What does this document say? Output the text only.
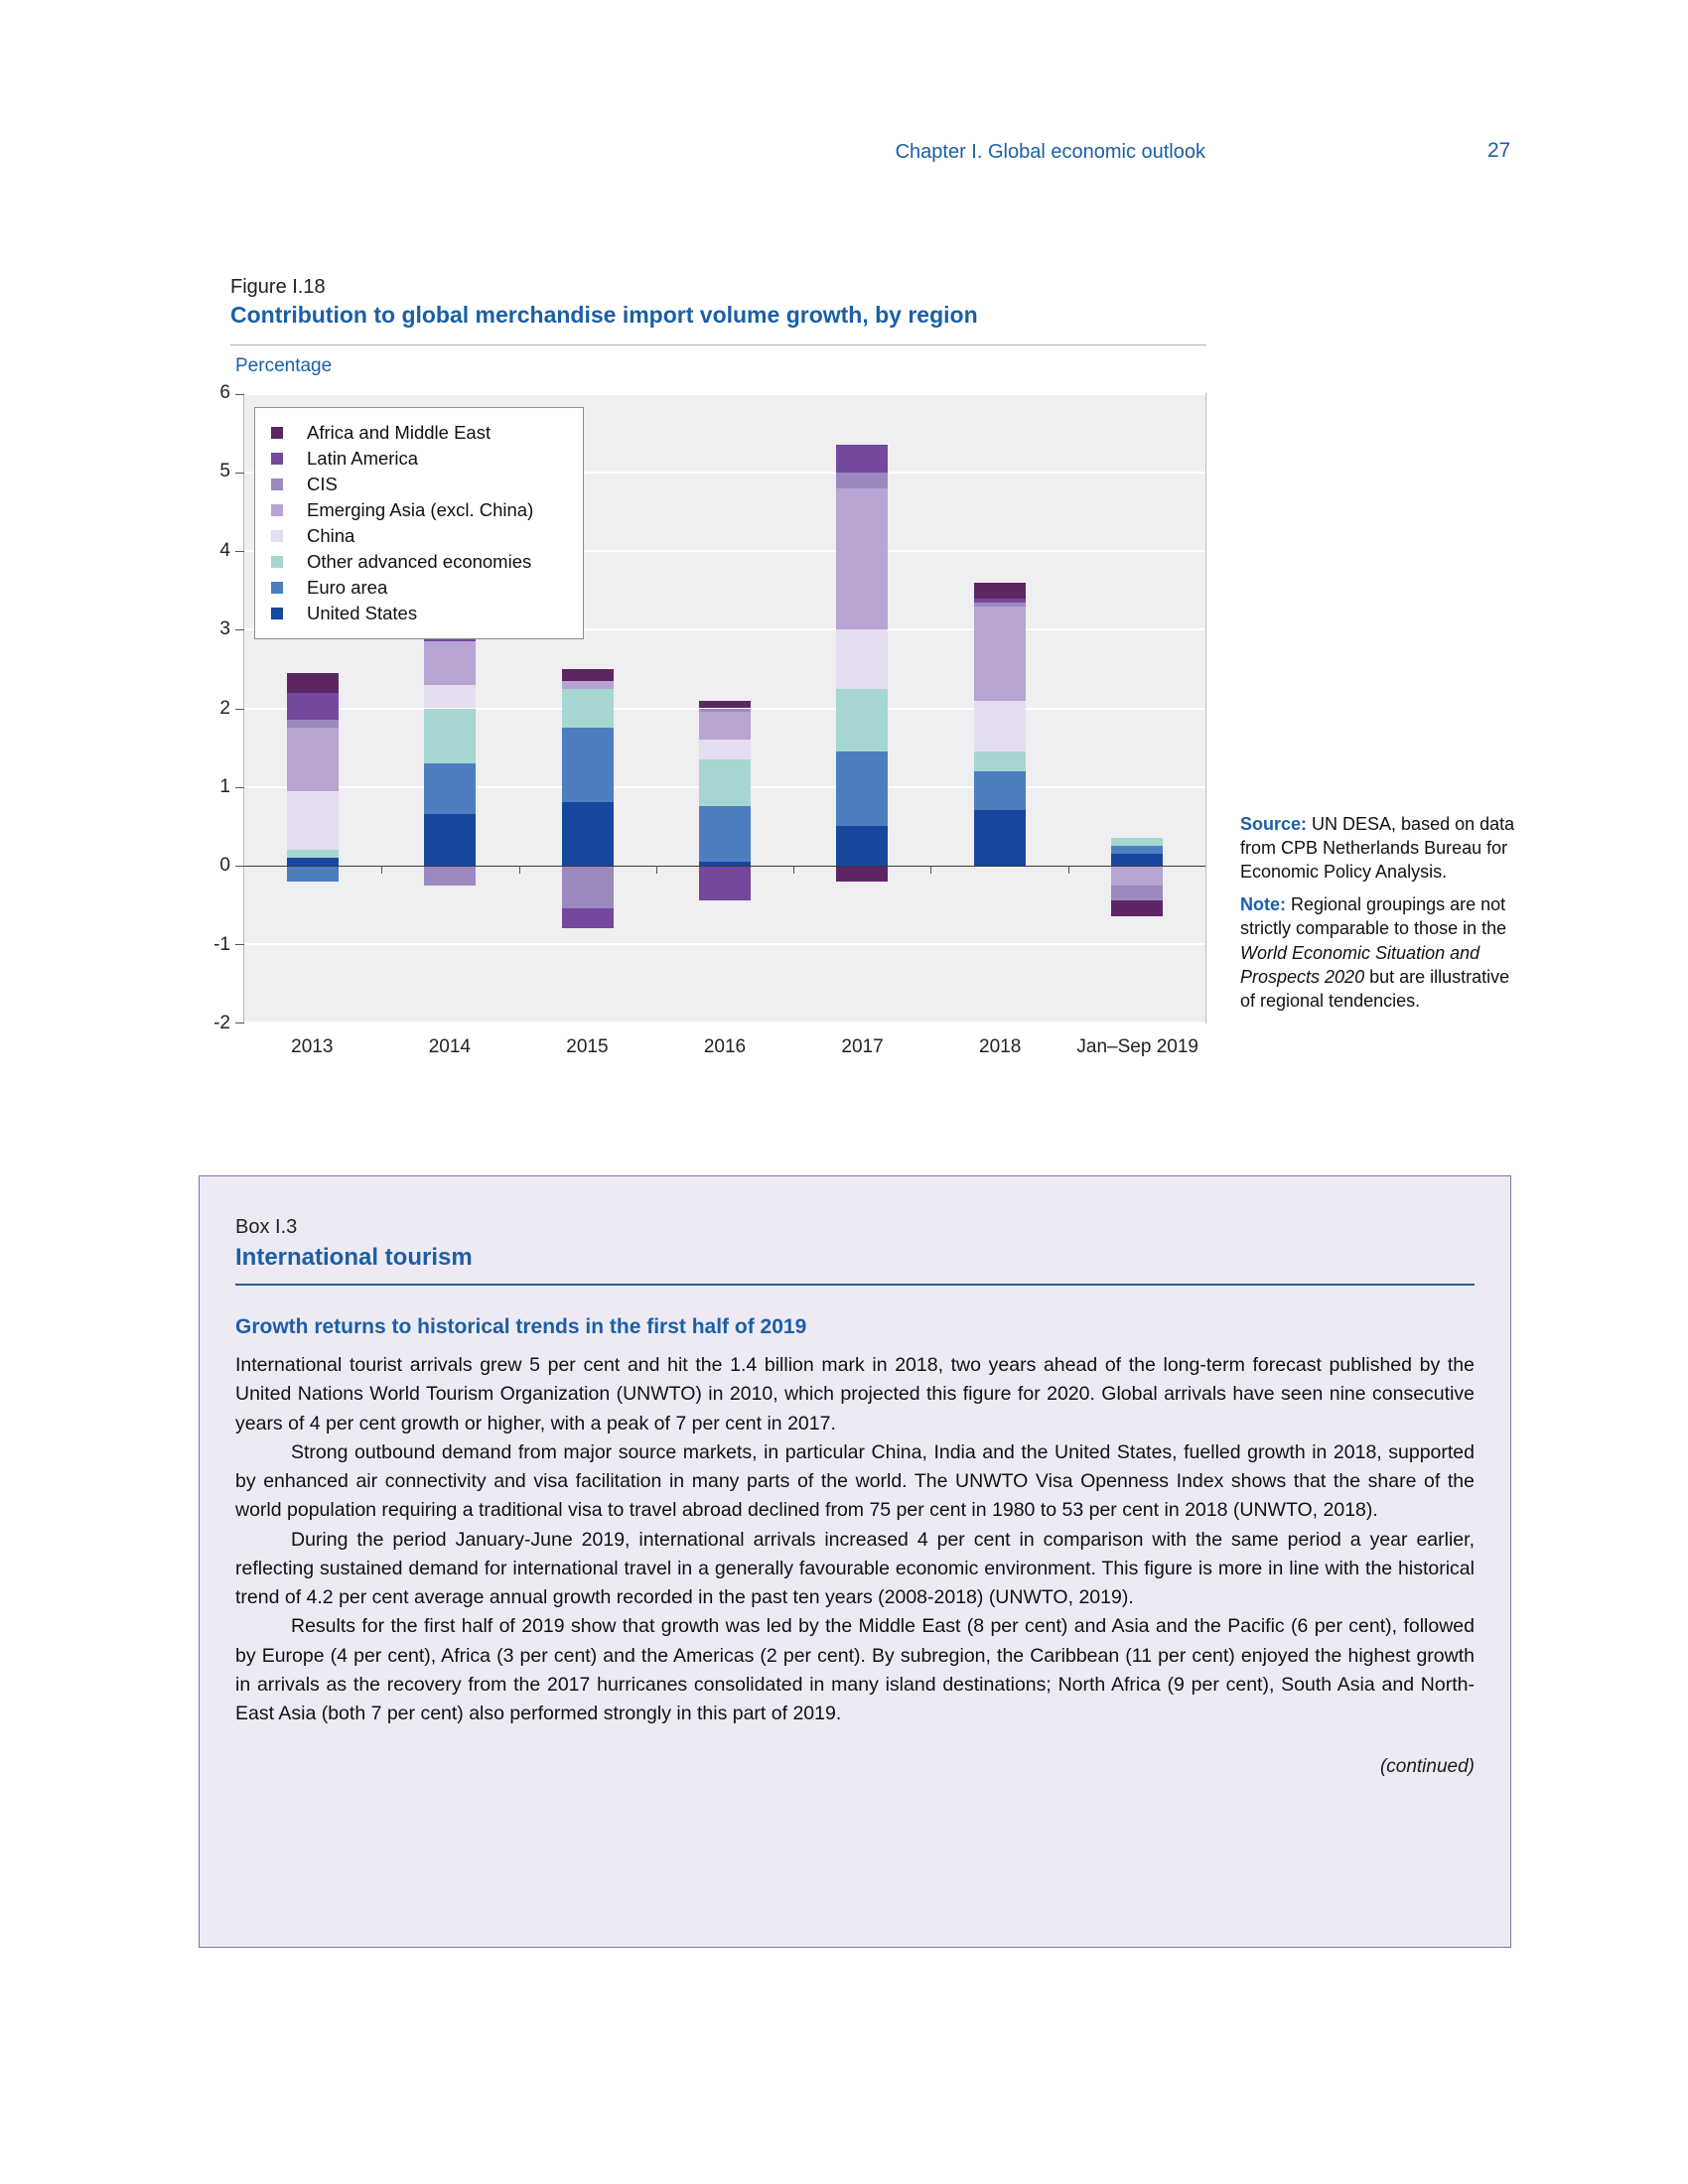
Chapter I. Global economic outlook	27
Figure I.18
Contribution to global merchandise import volume growth, by region
Percentage
6
5
4
3
2
1
0
-1
-2
Africa and Middle East
Latin America
CIS
Emerging Asia (excl. China)
China
Other advanced economies
Euro area
United States
2013	2014	2015	2016	2017	2018	Jan–Sep 2019

Source: UN DESA, based on data from CPB Netherlands Bureau for Economic Policy Analysis.

Note: Regional groupings are not strictly comparable to those in the World Economic Situation and Prospects 2020 but are illustrative of regional tendencies.

Box I.3
International tourism
Growth returns to historical trends in the first half of 2019

International tourist arrivals grew 5 per cent and hit the 1.4 billion mark in 2018, two years ahead of the long-term forecast published by the United Nations World Tourism Organization (UNWTO) in 2010, which projected this figure for 2020. Global arrivals have seen nine consecutive years of 4 per cent growth or higher, with a peak of 7 per cent in 2017.

Strong outbound demand from major source markets, in particular China, India and the United States, fuelled growth in 2018, supported by enhanced air connectivity and visa facilitation in many parts of the world. The UNWTO Visa Openness Index shows that the share of the world population requiring a traditional visa to travel abroad declined from 75 per cent in 1980 to 53 per cent in 2018 (UNWTO, 2018).

During the period January-June 2019, international arrivals increased 4 per cent in comparison with the same period a year earlier, reflecting sustained demand for international travel in a generally favourable economic environment. This figure is more in line with the historical trend of 4.2 per cent average annual growth recorded in the past ten years (2008-2018) (UNWTO, 2019).

Results for the first half of 2019 show that growth was led by the Middle East (8 per cent) and Asia and the Pacific (6 per cent), followed by Europe (4 per cent), Africa (3 per cent) and the Americas (2 per cent). By subregion, the Caribbean (11 per cent) enjoyed the highest growth in arrivals as the recovery from the 2017 hurricanes consolidated in many island destinations; North Africa (9 per cent), South Asia and North-East Asia (both 7 per cent) also performed strongly in this part of 2019.

(continued)
